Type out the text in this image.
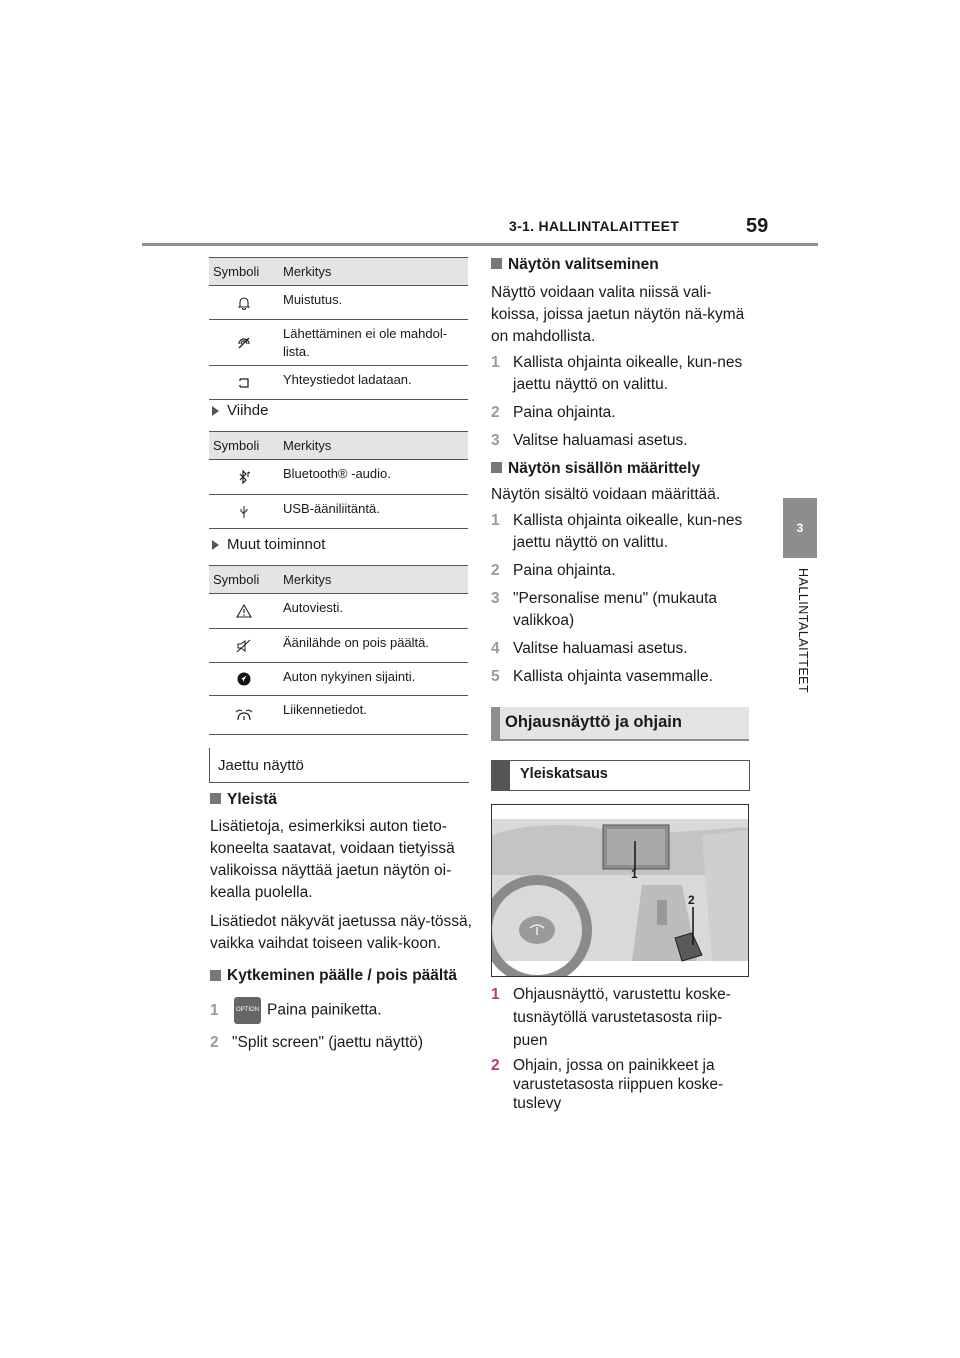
3-1. HALLINTALAITTEET	59
3
HALLINTALAITTEET
Symboli	Merkitys
Muistutus.
Lähettäminen ei ole mahdol-lista.
Yhteystiedot ladataan.
Viihde
Symboli	Merkitys
Bluetooth® -audio.
USB-ääniliitäntä.
Muut toiminnot
Symboli	Merkitys
Autoviesti.
Äänilähde on pois päältä.
Auton nykyinen sijainti.
Liikennetiedot.
Jaettu näyttö
Yleistä
Lisätietoja, esimerkiksi auton tieto-koneelta saatavat, voidaan tietyissä valikoissa näyttää jaetun näytön oi-kealla puolella.
Lisätiedot näkyvät jaetussa näy-tössä, vaikka vaihdat toiseen valik-koon.
Kytkeminen päälle / pois päältä
1	OPTION Paina painiketta.
2 "Split screen" (jaettu näyttö)
Näytön valitseminen
Näyttö voidaan valita niissä vali-koissa, joissa jaetun näytön nä-kymä on mahdollista.
1 Kallista ohjainta oikealle, kun-nes jaettu näyttö on valittu.
2 Paina ohjainta.
3 Valitse haluamasi asetus.
Näytön sisällön määrittely
Näytön sisältö voidaan määrittää.
1 Kallista ohjainta oikealle, kun-nes jaettu näyttö on valittu.
2 Paina ohjainta.
3 "Personalise menu" (mukauta valikkoa)
4 Valitse haluamasi asetus.
5 Kallista ohjainta vasemmalle.
Ohjausnäyttö ja ohjain
Yleiskatsaus
1
2
1 Ohjausnäyttö, varustettu koske-tusnäytöllä varustetasosta riip-puen
2 Ohjain, jossa on painikkeet ja varustetasosta riippuen koske-tuslevy
